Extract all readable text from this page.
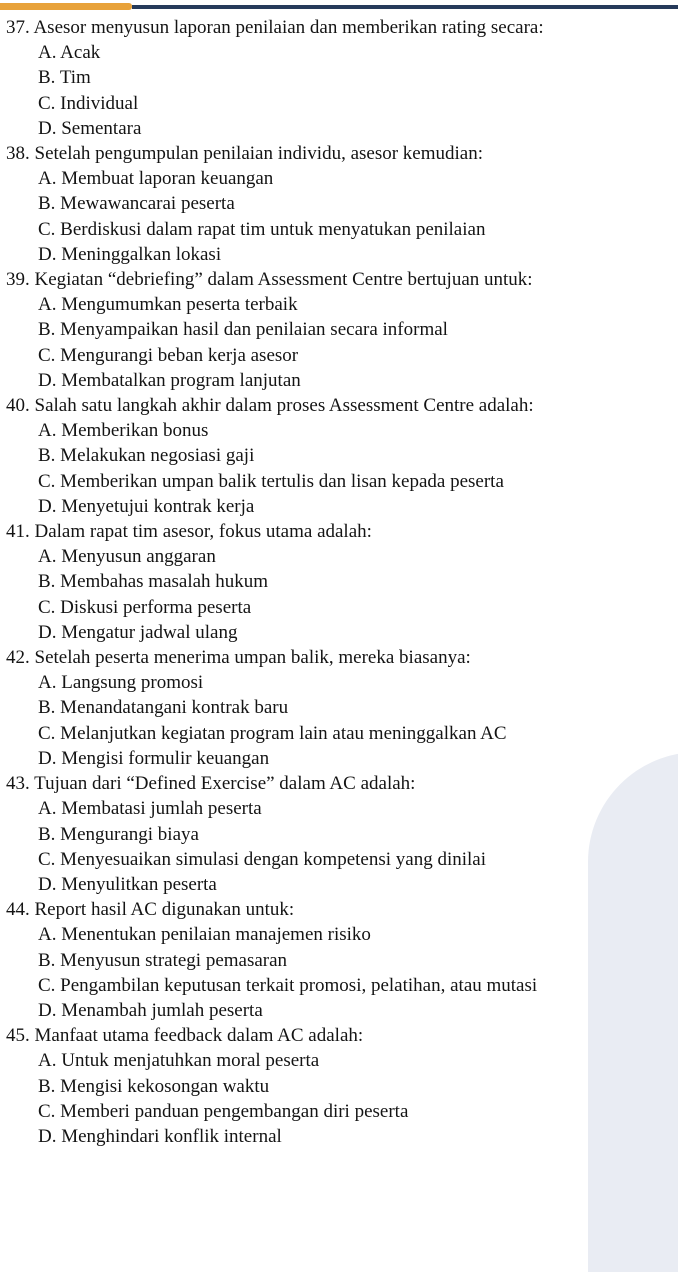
37. Asesor menyusun laporan penilaian dan memberikan rating secara:
A. Acak
B. Tim
C. Individual
D. Sementara
38. Setelah pengumpulan penilaian individu, asesor kemudian:
A. Membuat laporan keuangan
B. Mewawancarai peserta
C. Berdiskusi dalam rapat tim untuk menyatukan penilaian
D. Meninggalkan lokasi
39. Kegiatan “debriefing” dalam Assessment Centre bertujuan untuk:
A. Mengumumkan peserta terbaik
B. Menyampaikan hasil dan penilaian secara informal
C. Mengurangi beban kerja asesor
D. Membatalkan program lanjutan
40. Salah satu langkah akhir dalam proses Assessment Centre adalah:
A. Memberikan bonus
B. Melakukan negosiasi gaji
C. Memberikan umpan balik tertulis dan lisan kepada peserta
D. Menyetujui kontrak kerja
41. Dalam rapat tim asesor, fokus utama adalah:
A. Menyusun anggaran
B. Membahas masalah hukum
C. Diskusi performa peserta
D. Mengatur jadwal ulang
42. Setelah peserta menerima umpan balik, mereka biasanya:
A. Langsung promosi
B. Menandatangani kontrak baru
C. Melanjutkan kegiatan program lain atau meninggalkan AC
D. Mengisi formulir keuangan
43. Tujuan dari “Defined Exercise” dalam AC adalah:
A. Membatasi jumlah peserta
B. Mengurangi biaya
C. Menyesuaikan simulasi dengan kompetensi yang dinilai
D. Menyulitkan peserta
44. Report hasil AC digunakan untuk:
A. Menentukan penilaian manajemen risiko
B. Menyusun strategi pemasaran
C. Pengambilan keputusan terkait promosi, pelatihan, atau mutasi
D. Menambah jumlah peserta
45. Manfaat utama feedback dalam AC adalah:
A. Untuk menjatuhkan moral peserta
B. Mengisi kekosongan waktu
C. Memberi panduan pengembangan diri peserta
D. Menghindari konflik internal
